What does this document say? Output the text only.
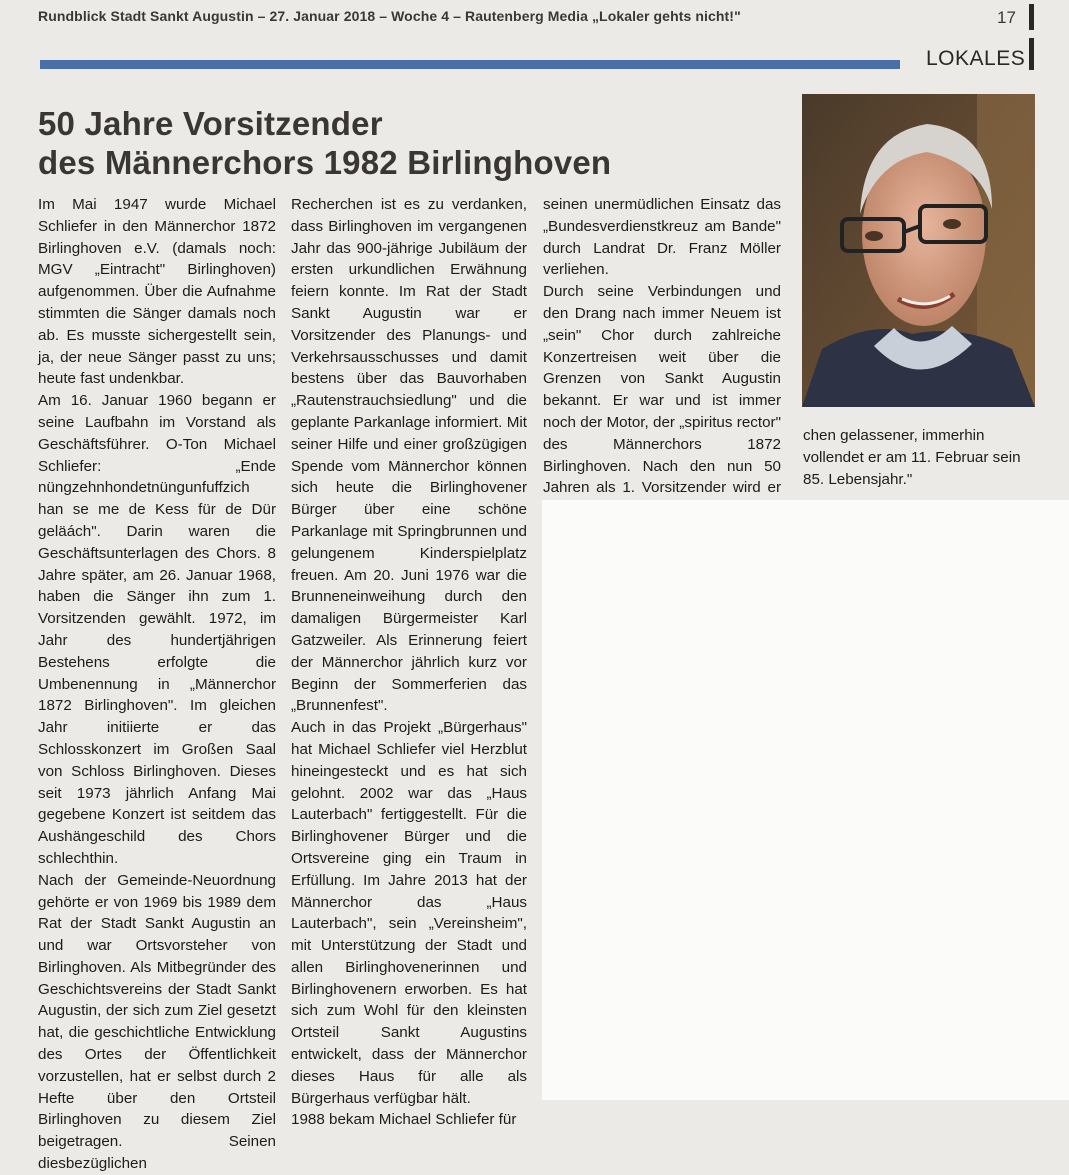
Rundblick Stadt Sankt Augustin – 27. Januar 2018 – Woche 4 – Rautenberg Media „Lokaler gehts nicht!"	17
LOKALES
50 Jahre Vorsitzender
des Männerchors 1982 Birlinghoven

Im Mai 1947 wurde Michael Schliefer in den Männerchor 1872 Birlinghoven e.V. (damals noch: MGV „Eintracht" Birlinghoven) aufgenommen. Über die Aufnahme stimmten die Sänger damals noch ab. Es musste sichergestellt sein, ja, der neue Sänger passt zu uns; heute fast undenkbar.

Am 16. Januar 1960 begann er seine Laufbahn im Vorstand als Geschäftsführer. O-Ton Michael Schliefer: „Ende nüngzehnhondetnüngunfuffzich han se me de Kess für de Dür geläách". Darin waren die Geschäftsunterlagen des Chors. 8 Jahre später, am 26. Januar 1968, haben die Sänger ihn zum 1. Vorsitzenden gewählt. 1972, im Jahr des hundertjährigen Bestehens erfolgte die Umbenennung in „Männerchor 1872 Birlinghoven". Im gleichen Jahr initiierte er das Schlosskonzert im Großen Saal von Schloss Birlinghoven. Dieses seit 1973 jährlich Anfang Mai gegebene Konzert ist seitdem das Aushängeschild des Chors schlechthin.

Nach der Gemeinde-Neuordnung gehörte er von 1969 bis 1989 dem Rat der Stadt Sankt Augustin an und war Ortsvorsteher von Birlinghoven. Als Mitbegründer des Geschichtsvereins der Stadt Sankt Augustin, der sich zum Ziel gesetzt hat, die geschichtliche Entwicklung des Ortes der Öffentlichkeit vorzustellen, hat er selbst durch 2 Hefte über den Ortsteil Birlinghoven zu diesem Ziel beigetragen. Seinen diesbezüglichen

Recherchen ist es zu verdanken, dass Birlinghoven im vergangenen Jahr das 900-jährige Jubiläum der ersten urkundlichen Erwähnung feiern konnte. Im Rat der Stadt Sankt Augustin war er Vorsitzender des Planungs- und Verkehrsausschusses und damit bestens über das Bauvorhaben „Rautenstrauchsiedlung" und die geplante Parkanlage informiert. Mit seiner Hilfe und einer großzügigen Spende vom Männerchor können sich heute die Birlinghovener Bürger über eine schöne Parkanlage mit Springbrunnen und gelungenem Kinderspielplatz freuen. Am 20. Juni 1976 war die Brunneneinweihung durch den damaligen Bürgermeister Karl Gatzweiler. Als Erinnerung feiert der Männerchor jährlich kurz vor Beginn der Sommerferien das „Brunnenfest".

Auch in das Projekt „Bürgerhaus" hat Michael Schliefer viel Herzblut hineingesteckt und es hat sich gelohnt. 2002 war das „Haus Lauterbach" fertiggestellt. Für die Birlinghovener Bürger und die Ortsvereine ging ein Traum in Erfüllung. Im Jahre 2013 hat der Männerchor das „Haus Lauterbach", sein „Vereinsheim", mit Unterstützung der Stadt und allen Birlinghovenerinnen und Birlinghovenern erworben. Es hat sich zum Wohl für den kleinsten Ortsteil Sankt Augustins entwickelt, dass der Männerchor dieses Haus für alle als Bürgerhaus verfügbar hält.

1988 bekam Michael Schliefer für

seinen unermüdlichen Einsatz das „Bundesverdienstkreuz am Bande" durch Landrat Dr. Franz Möller verliehen.

Durch seine Verbindungen und den Drang nach immer Neuem ist „sein" Chor durch zahlreiche Konzertreisen weit über die Grenzen von Sankt Augustin bekannt. Er war und ist immer noch der Motor, der „spiritus rector" des Männerchors 1872 Birlinghoven. Nach den nun 50 Jahren als 1. Vorsitzender wird er

chen gelassener, immerhin vollendet er am 11. Februar sein 85. Lebensjahr."
